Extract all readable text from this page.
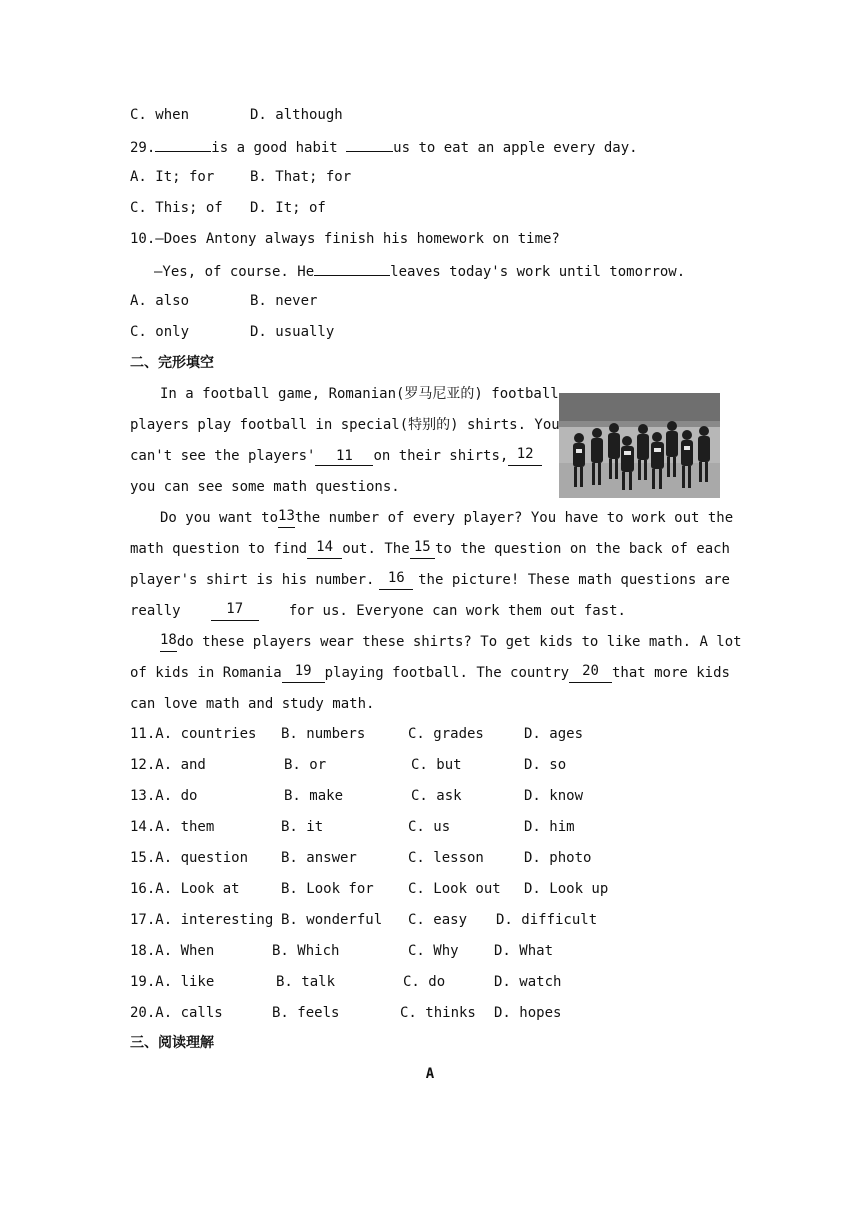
C. when	D. although
29.	is a good habit	us to eat an apple every day.
A. It; for	B. That; for
C. This; of D. It; of
10.—Does Antony always finish his homework on time?
—Yes, of course. He	leaves today's work until tomorrow.
A. also	B. never
C. only	D. usually
二、完形填空
In a football game, Romanian(罗马尼亚的) football
players play football in special(特别的) shirts. You
can't see the players'	11 on their shirts, 12
you can see some math questions.
Do you want to 13 the number of every player? You have to work out the
math question to find 14 out. The 15 to the question on the back of each
player's shirt is his number. 16 the picture! These math questions are
really	17	for us. Everyone can work them out fast.
18 do these players wear these shirts? To get kids to like math. A lot
of kids in Romania 19 playing football. The country 20 that more kids
can love math and study math.
11.A. countries B. numbers	C. grades	D. ages
12.A. and	B. or	C. but	D. so
13.A. do	B. make	C. ask	D. know
14.A. them	B. it	C. us	D. him
15.A. question B. answer	C. lesson	D. photo
16.A. Look at	B. Look for C. Look out D. Look up
17.A. interesting B. wonderful C. easy D. difficult
18.A. When	B. Which	C. Why	D. What
19.A. like	B. talk	C. do	D. watch
20.A. calls	B. feels	C. thinks D. hopes
三、阅读理解
A
